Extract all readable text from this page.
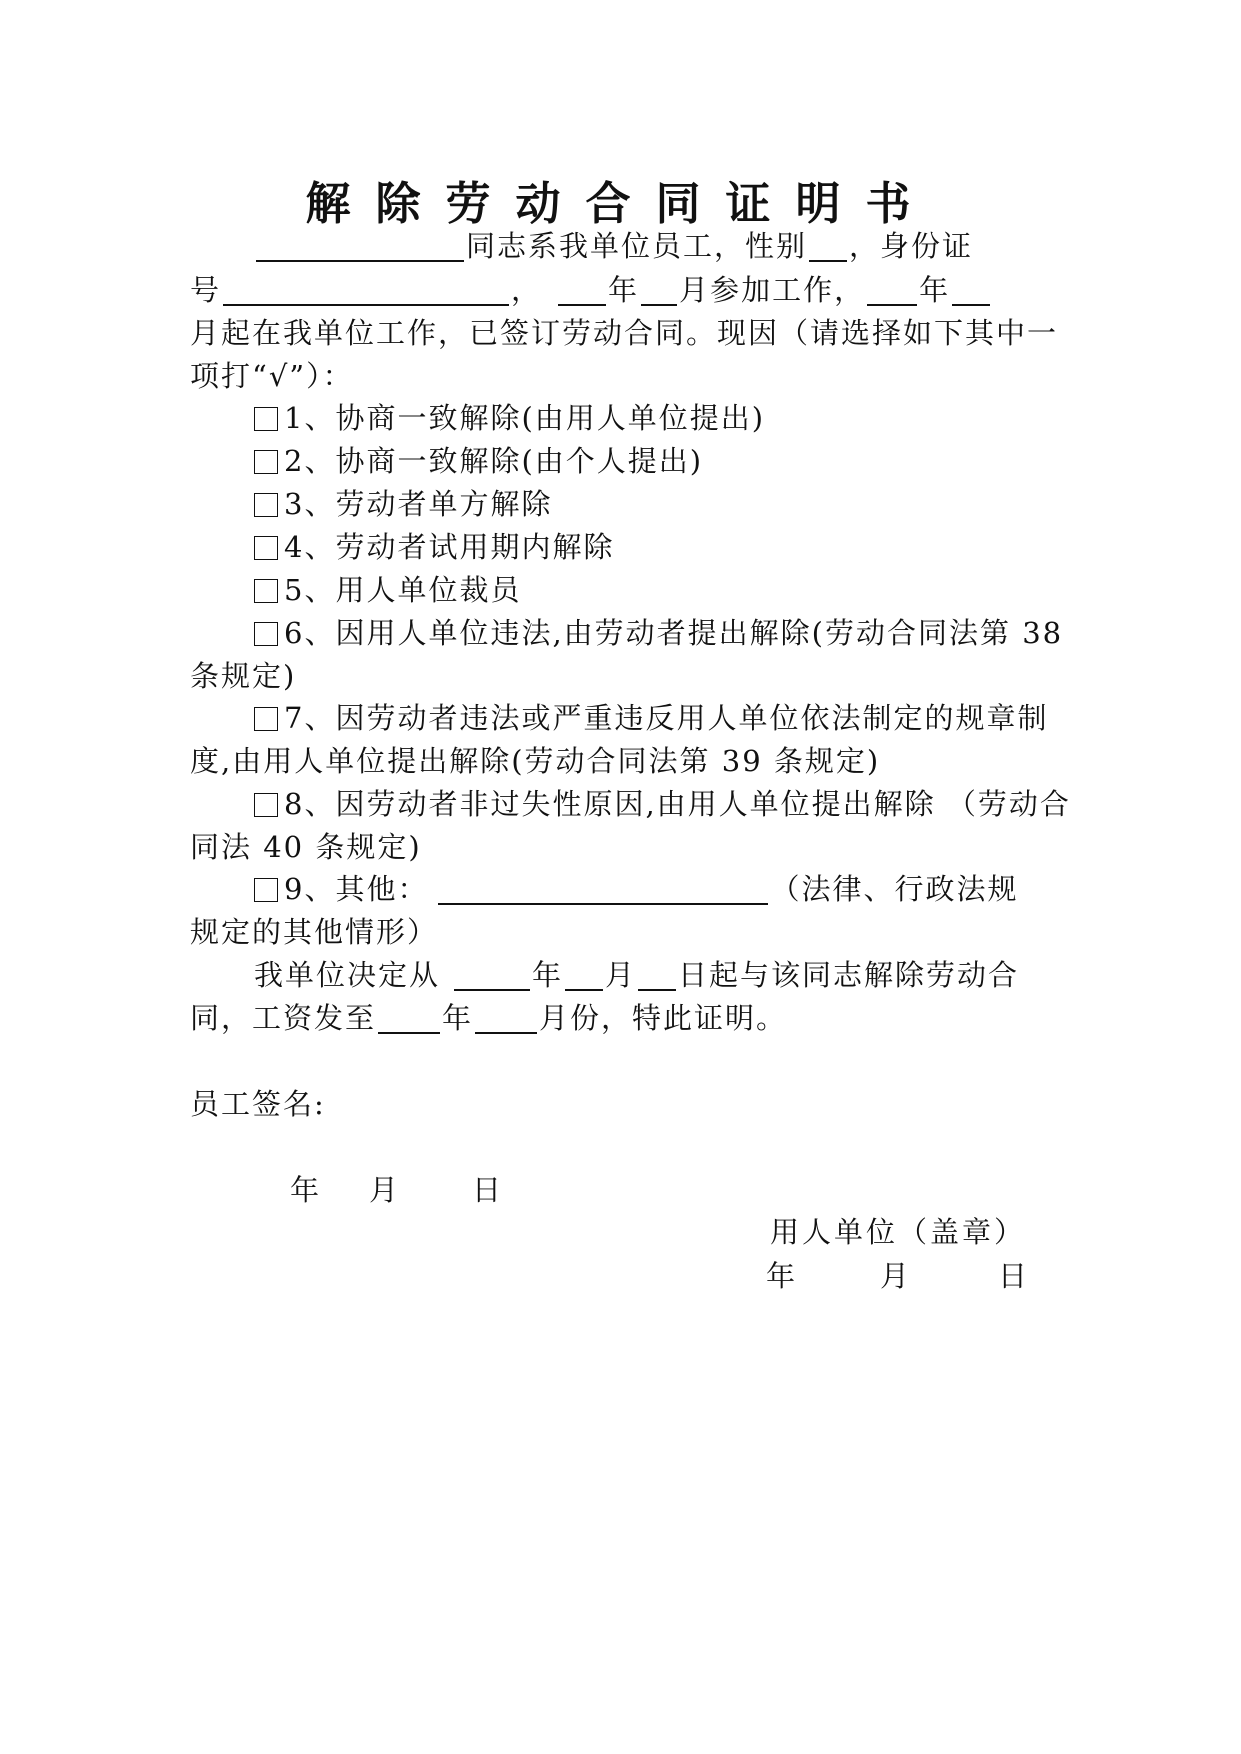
解除劳动合同证明书
同志系我单位员工，性别 ，身份证
号	， 年 月参加工作， 年
月起在我单位工作，已签订劳动合同。现因（请选择如下其中一
项打“√”）：
1、协商一致解除(由用人单位提出)
2、协商一致解除(由个人提出)
3、劳动者单方解除
4、劳动者试用期内解除
5、用人单位裁员
6、因用人单位违法,由劳动者提出解除(劳动合同法第 38
条规定)
7、因劳动者违法或严重违反用人单位依法制定的规章制
度,由用人单位提出解除(劳动合同法第 39 条规定)
8、因劳动者非过失性原因,由用人单位提出解除 （劳动合
同法 40 条规定)
9、其他：	（法律、行政法规
规定的其他情形）
我单位决定从	年 月 日起与该同志解除劳动合
同，工资发至 年 月份，特此证明。
员工签名:
年 月	日
用人单位（盖章）
年	月	日
